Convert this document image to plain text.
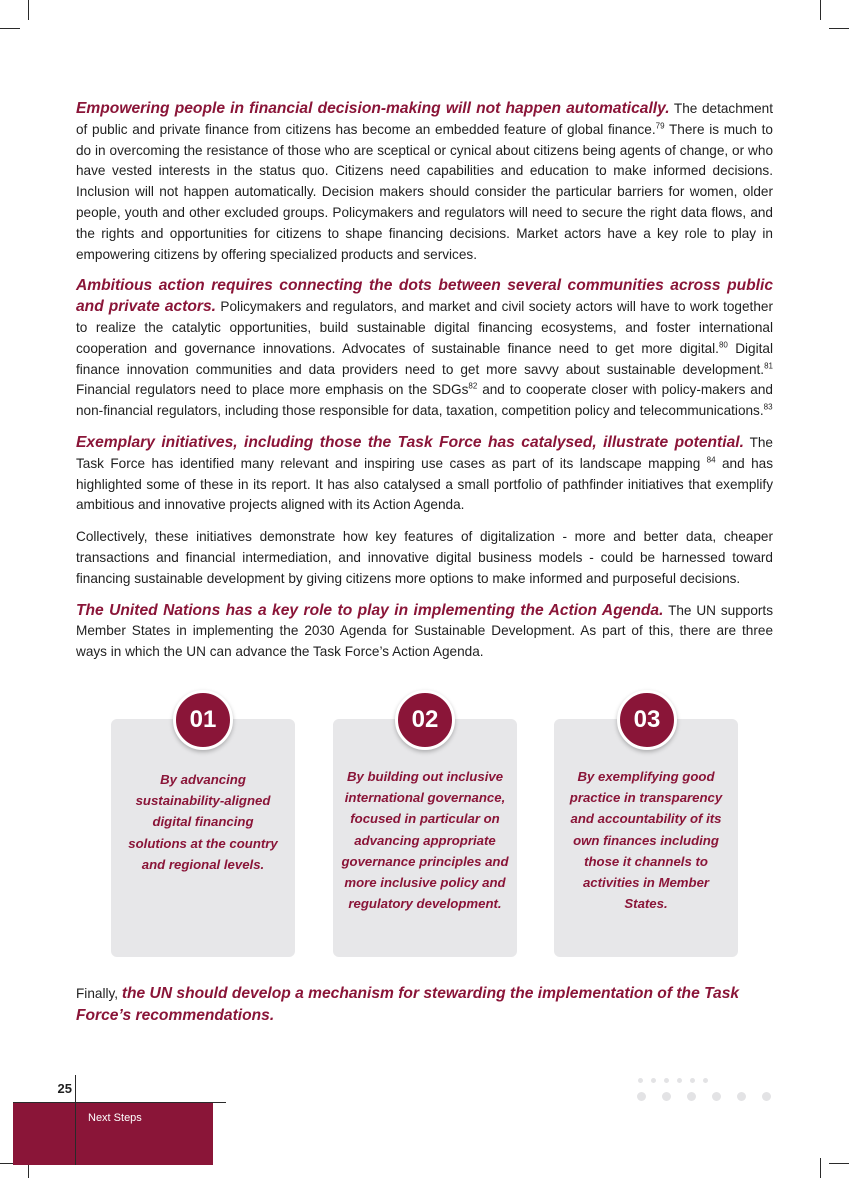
Empowering people in financial decision-making will not happen automatically. The detachment of public and private finance from citizens has become an embedded feature of global finance.$^{79}$ There is much to do in overcoming the resistance of those who are sceptical or cynical about citizens being agents of change, or who have vested interests in the status quo. Citizens need capabilities and education to make informed decisions. Inclusion will not happen automatically. Decision makers should consider the particular barriers for women, older people, youth and other excluded groups. Policymakers and regulators will need to secure the right data flows, and the rights and opportunities for citizens to shape financing decisions. Market actors have a key role to play in empowering citizens by offering specialized products and services.

Ambitious action requires connecting the dots between several communities across public and private actors. Policymakers and regulators, and market and civil society actors will have to work together to realize the catalytic opportunities, build sustainable digital financing ecosystems, and foster international cooperation and governance innovations. Advocates of sustainable finance need to get more digital.$^{80}$ Digital finance innovation communities and data providers need to get more savvy about sustainable development.$^{81}$ Financial regulators need to place more emphasis on the SDGs$^{82}$ and to cooperate closer with policy-makers and non-financial regulators, including those responsible for data, taxation, competition policy and telecommunications.$^{83}$

Exemplary initiatives, including those the Task Force has catalysed, illustrate potential. The Task Force has identified many relevant and inspiring use cases as part of its landscape mapping $^{84}$ and has highlighted some of these in its report. It has also catalysed a small portfolio of pathfinder initiatives that exemplify ambitious and innovative projects aligned with its Action Agenda.

Collectively, these initiatives demonstrate how key features of digitalization - more and better data, cheaper transactions and financial intermediation, and innovative digital business models - could be harnessed toward financing sustainable development by giving citizens more options to make informed and purposeful decisions.

The United Nations has a key role to play in implementing the Action Agenda. The UN supports Member States in implementing the 2030 Agenda for Sustainable Development. As part of this, there are three ways in which the UN can advance the Task Force’s Action Agenda.

By advancing sustainability-aligned digital financing solutions at the country and regional levels.
01
By building out inclusive international governance, focused in particular on advancing appropriate governance principles and more inclusive policy and regulatory development.
02
By exemplifying good practice in transparency and accountability of its own finances including those it channels to activities in Member States.
03
Finally, the UN should develop a mechanism for stewarding the implementation of the Task Force’s recommendations.
25
Next Steps
